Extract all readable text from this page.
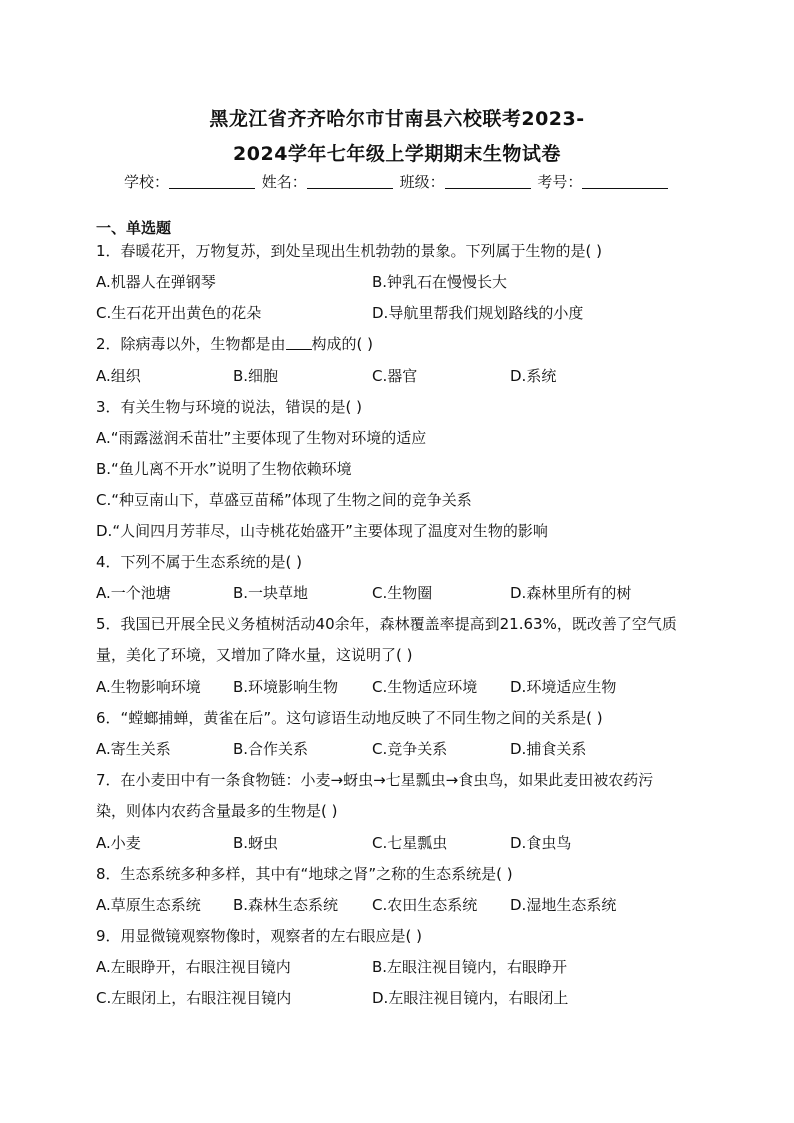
黑龙江省齐齐哈尔市甘南县六校联考2023-
2024学年七年级上学期期末生物试卷
学校：	姓名：	班级：	考号：
一、单选题
1．春暖花开，万物复苏，到处呈现出生机勃勃的景象。下列属于生物的是( )
A.机器人在弹钢琴	B.钟乳石在慢慢长大
C.生石花开出黄色的花朵	D.导航里帮我们规划路线的小度
2．除病毒以外，生物都是由 构成的( )
A.组织	B.细胞	C.器官	D.系统
3．有关生物与环境的说法，错误的是( )
A.“雨露滋润禾苗壮”主要体现了生物对环境的适应
B.“鱼儿离不开水”说明了生物依赖环境
C.“种豆南山下，草盛豆苗稀”体现了生物之间的竞争关系
D.“人间四月芳菲尽，山寺桃花始盛开”主要体现了温度对生物的影响
4．下列不属于生态系统的是( )
A.一个池塘	B.一块草地	C.生物圈	D.森林里所有的树
5．我国已开展全民义务植树活动40余年，森林覆盖率提高到21.63%，既改善了空气质
量，美化了环境，又增加了降水量，这说明了( )
A.生物影响环境 B.环境影响生物 C.生物适应环境 D.环境适应生物
6．“螳螂捕蝉，黄雀在后”。这句谚语生动地反映了不同生物之间的关系是( )
A.寄生关系	B.合作关系	C.竞争关系	D.捕食关系
7．在小麦田中有一条食物链：小麦→蚜虫→七星瓢虫→食虫鸟，如果此麦田被农药污
染，则体内农药含量最多的生物是( )
A.小麦	B.蚜虫	C.七星瓢虫	D.食虫鸟
8．生态系统多种多样，其中有“地球之肾”之称的生态系统是( )
A.草原生态系统 B.森林生态系统 C.农田生态系统 D.湿地生态系统
9．用显微镜观察物像时，观察者的左右眼应是( )
A.左眼睁开，右眼注视目镜内	B.左眼注视目镜内，右眼睁开
C.左眼闭上，右眼注视目镜内	D.左眼注视目镜内，右眼闭上
